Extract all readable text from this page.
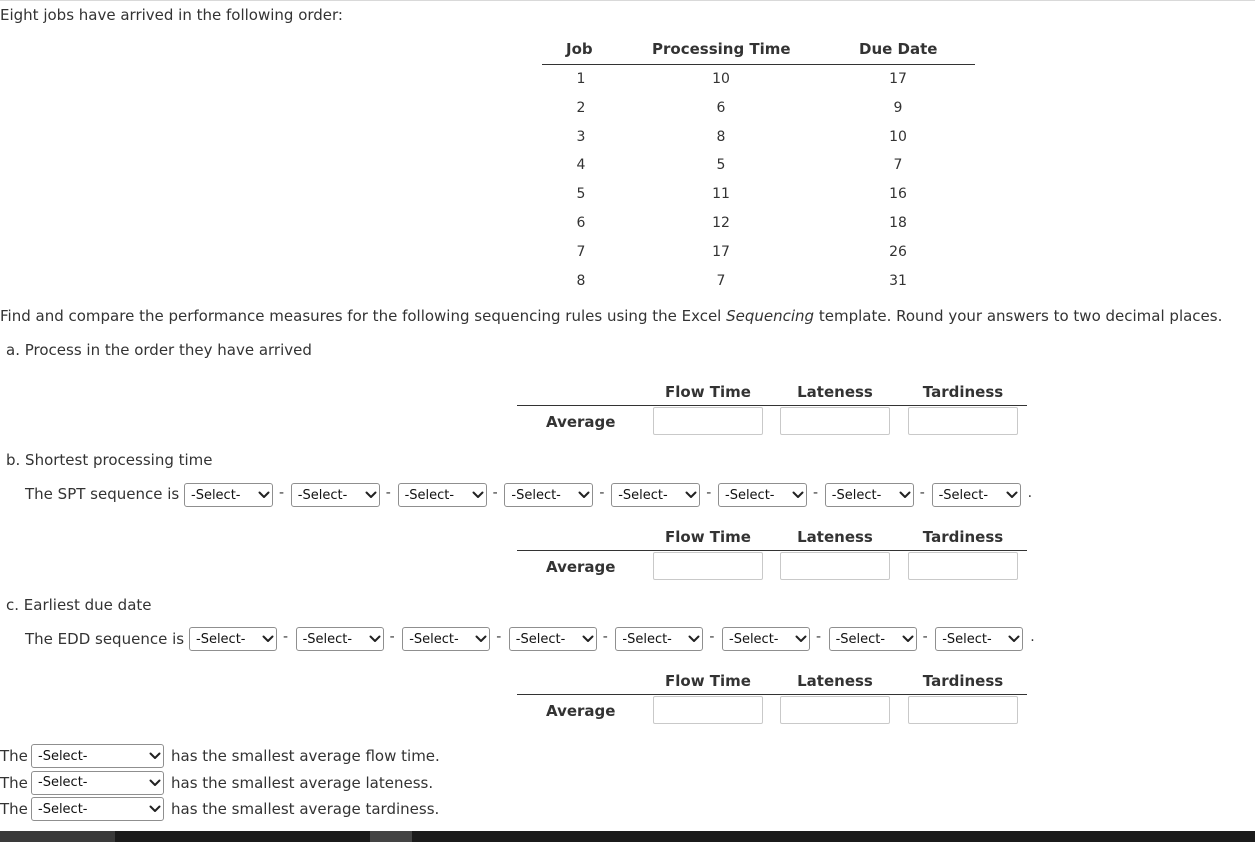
Eight jobs have arrived in the following order:
Job	Processing Time	Due Date
1	10	17
2	6	9
3	8	10
4	5	7
5	11	16
6	12	18
7	17	26
8	7	31
Find and compare the performance measures for the following sequencing rules using the Excel Sequencing template. Round your answers to two decimal places.
a. Process in the order they have arrived
Flow Time	Lateness	Tardiness
Average
b. Shortest processing time
The SPT sequence is -Select-	- -Select-	- -Select-	- -Select-	- -Select-	- -Select-	- -Select-	- -Select-	.
Flow Time	Lateness	Tardiness
Average
c. Earliest due date
The EDD sequence is -Select-	- -Select-	- -Select-	- -Select-	- -Select-	- -Select-	- -Select-	- -Select-	.
Flow Time	Lateness	Tardiness
Average
The -Select-	has the smallest average flow time.
The -Select-	has the smallest average lateness.
The -Select-	has the smallest average tardiness.
